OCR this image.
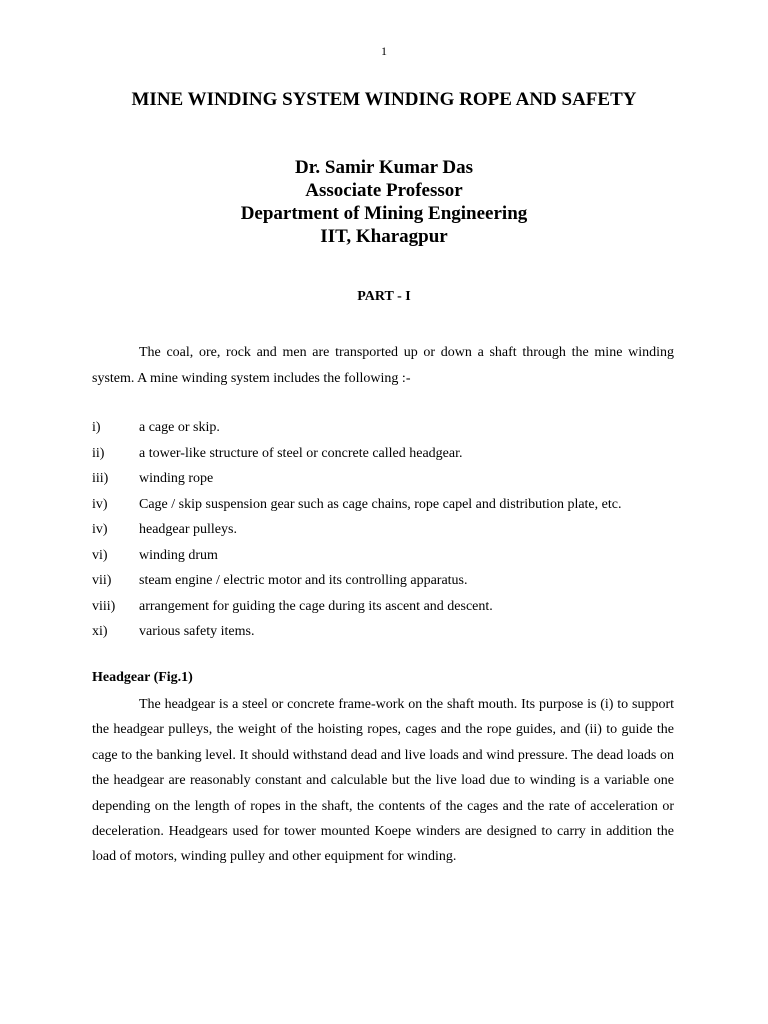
1
MINE WINDING SYSTEM WINDING ROPE AND SAFETY
Dr. Samir Kumar Das
Associate Professor
Department of Mining Engineering
IIT, Kharagpur
PART - I

The coal, ore, rock and men are transported up or down a shaft through the mine winding system. A mine winding system includes the following :-

i)	a cage or skip.
ii)	a tower-like structure of steel or concrete called headgear.
iii)	winding rope
iv)	Cage / skip suspension gear such as cage chains, rope capel and distribution plate, etc.
iv)	headgear pulleys.
vi)	winding drum
vii)	steam engine / electric motor and its controlling apparatus.
viii)	arrangement for guiding the cage during its ascent and descent.
xi)	various safety items.
Headgear (Fig.1)

The headgear is a steel or concrete frame-work on the shaft mouth. Its purpose is (i) to support the headgear pulleys, the weight of the hoisting ropes, cages and the rope guides, and (ii) to guide the cage to the banking level. It should withstand dead and live loads and wind pressure. The dead loads on the headgear are reasonably constant and calculable but the live load due to winding is a variable one depending on the length of ropes in the shaft, the contents of the cages and the rate of acceleration or deceleration. Headgears used for tower mounted Koepe winders are designed to carry in addition the load of motors, winding pulley and other equipment for winding.
